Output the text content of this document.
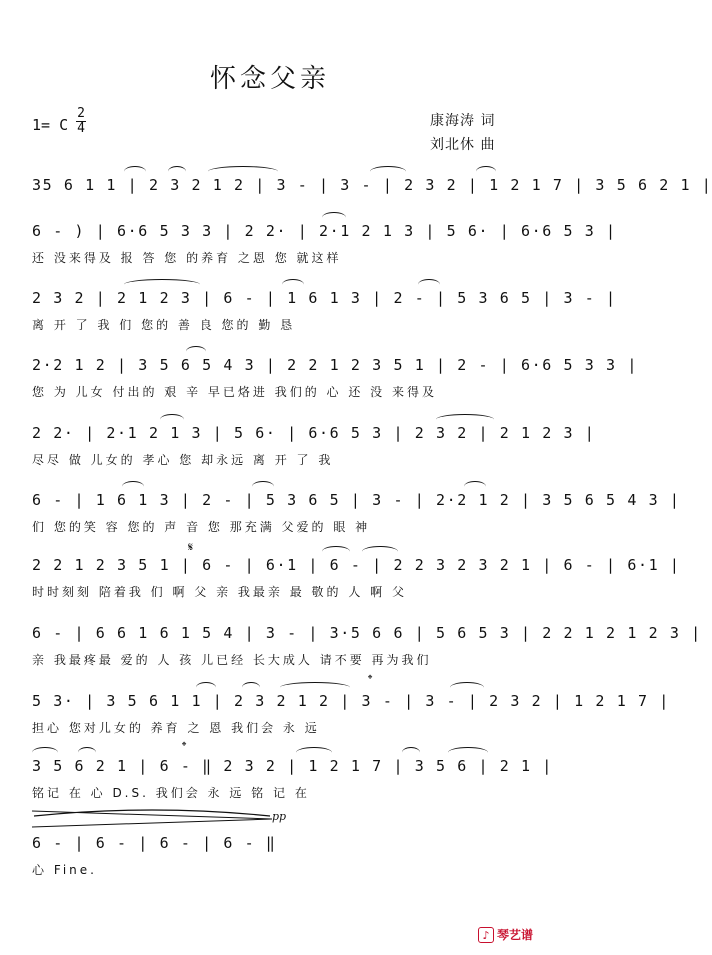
怀念父亲
1= C
2
4	康海涛 词
刘北休 曲
35 6 1 1 | 2 3 2 1 2 | 3 - | 3 - | 2 3 2 | 1 2 1 7 | 3 5 6 2 1 |
6 - ) | 6·6 5 3 3 | 2 2· | 2·1 2 1 3 | 5 6· | 6·6 5 3 |
还 没来得及 报 答 您 的养育 之恩 您 就这样
2 3 2 | 2 1 2 3 | 6 - | 1 6 1 3 | 2 - | 5 3 6 5 | 3 - |
离 开 了 我 们 您的 善 良 您的 勤 恳
2·2 1 2 | 3 5 6 5 4 3 | 2 2 1 2 3 5 1 | 2 - | 6·6 5 3 3 |
您 为 儿女 付出的 艰 辛 早已烙进 我们的 心 还 没 来得及
2 2· | 2·1 2 1 3 | 5 6· | 6·6 5 3 | 2 3 2 | 2 1 2 3 |
尽尽 做 儿女的 孝心 您 却永远 离 开 了 我
6 - | 1 6 1 3 | 2 - | 5 3 6 5 | 3 - | 2·2 1 2 | 3 5 6 5 4 3 |
们 您的笑 容 您的 声 音 您 那充满 父爱的 眼 神
2 2 1 2 3 5 1 | 6 - | 6·1 | 6 - | 2 2 3 2 3 2 1 | 6 - | 6·1 |
时时刻刻 陪着我 们 啊 父 亲 我最亲 最 敬的 人 啊 父
𝄋
6 - | 6 6 1 6 1 5 4 | 3 - | 3·5 6 6 | 5 6 5 3 | 2 2 1 2 1 2 3 |
亲 我最疼最 爱的 人 孩 儿已经 长大成人 请不要 再为我们
5 3· | 3 5 6 1 1 | 2 3 2 1 2 | 3 - | 3 - | 2 3 2 | 1 2 1 7 |
担心 您对儿女的 养育 之 恩 我们会 永 远
𝄌
3 5 6 2 1 | 6 - ‖ 2 3 2 | 1 2 1 7 | 3 5 6 | 2 1 |
铭记 在 心 D.S. 我们会 永 远 铭 记 在
𝄌
pp
6 - | 6 - | 6 - | 6 - ‖
心 Fine.
♪ 琴艺谱
